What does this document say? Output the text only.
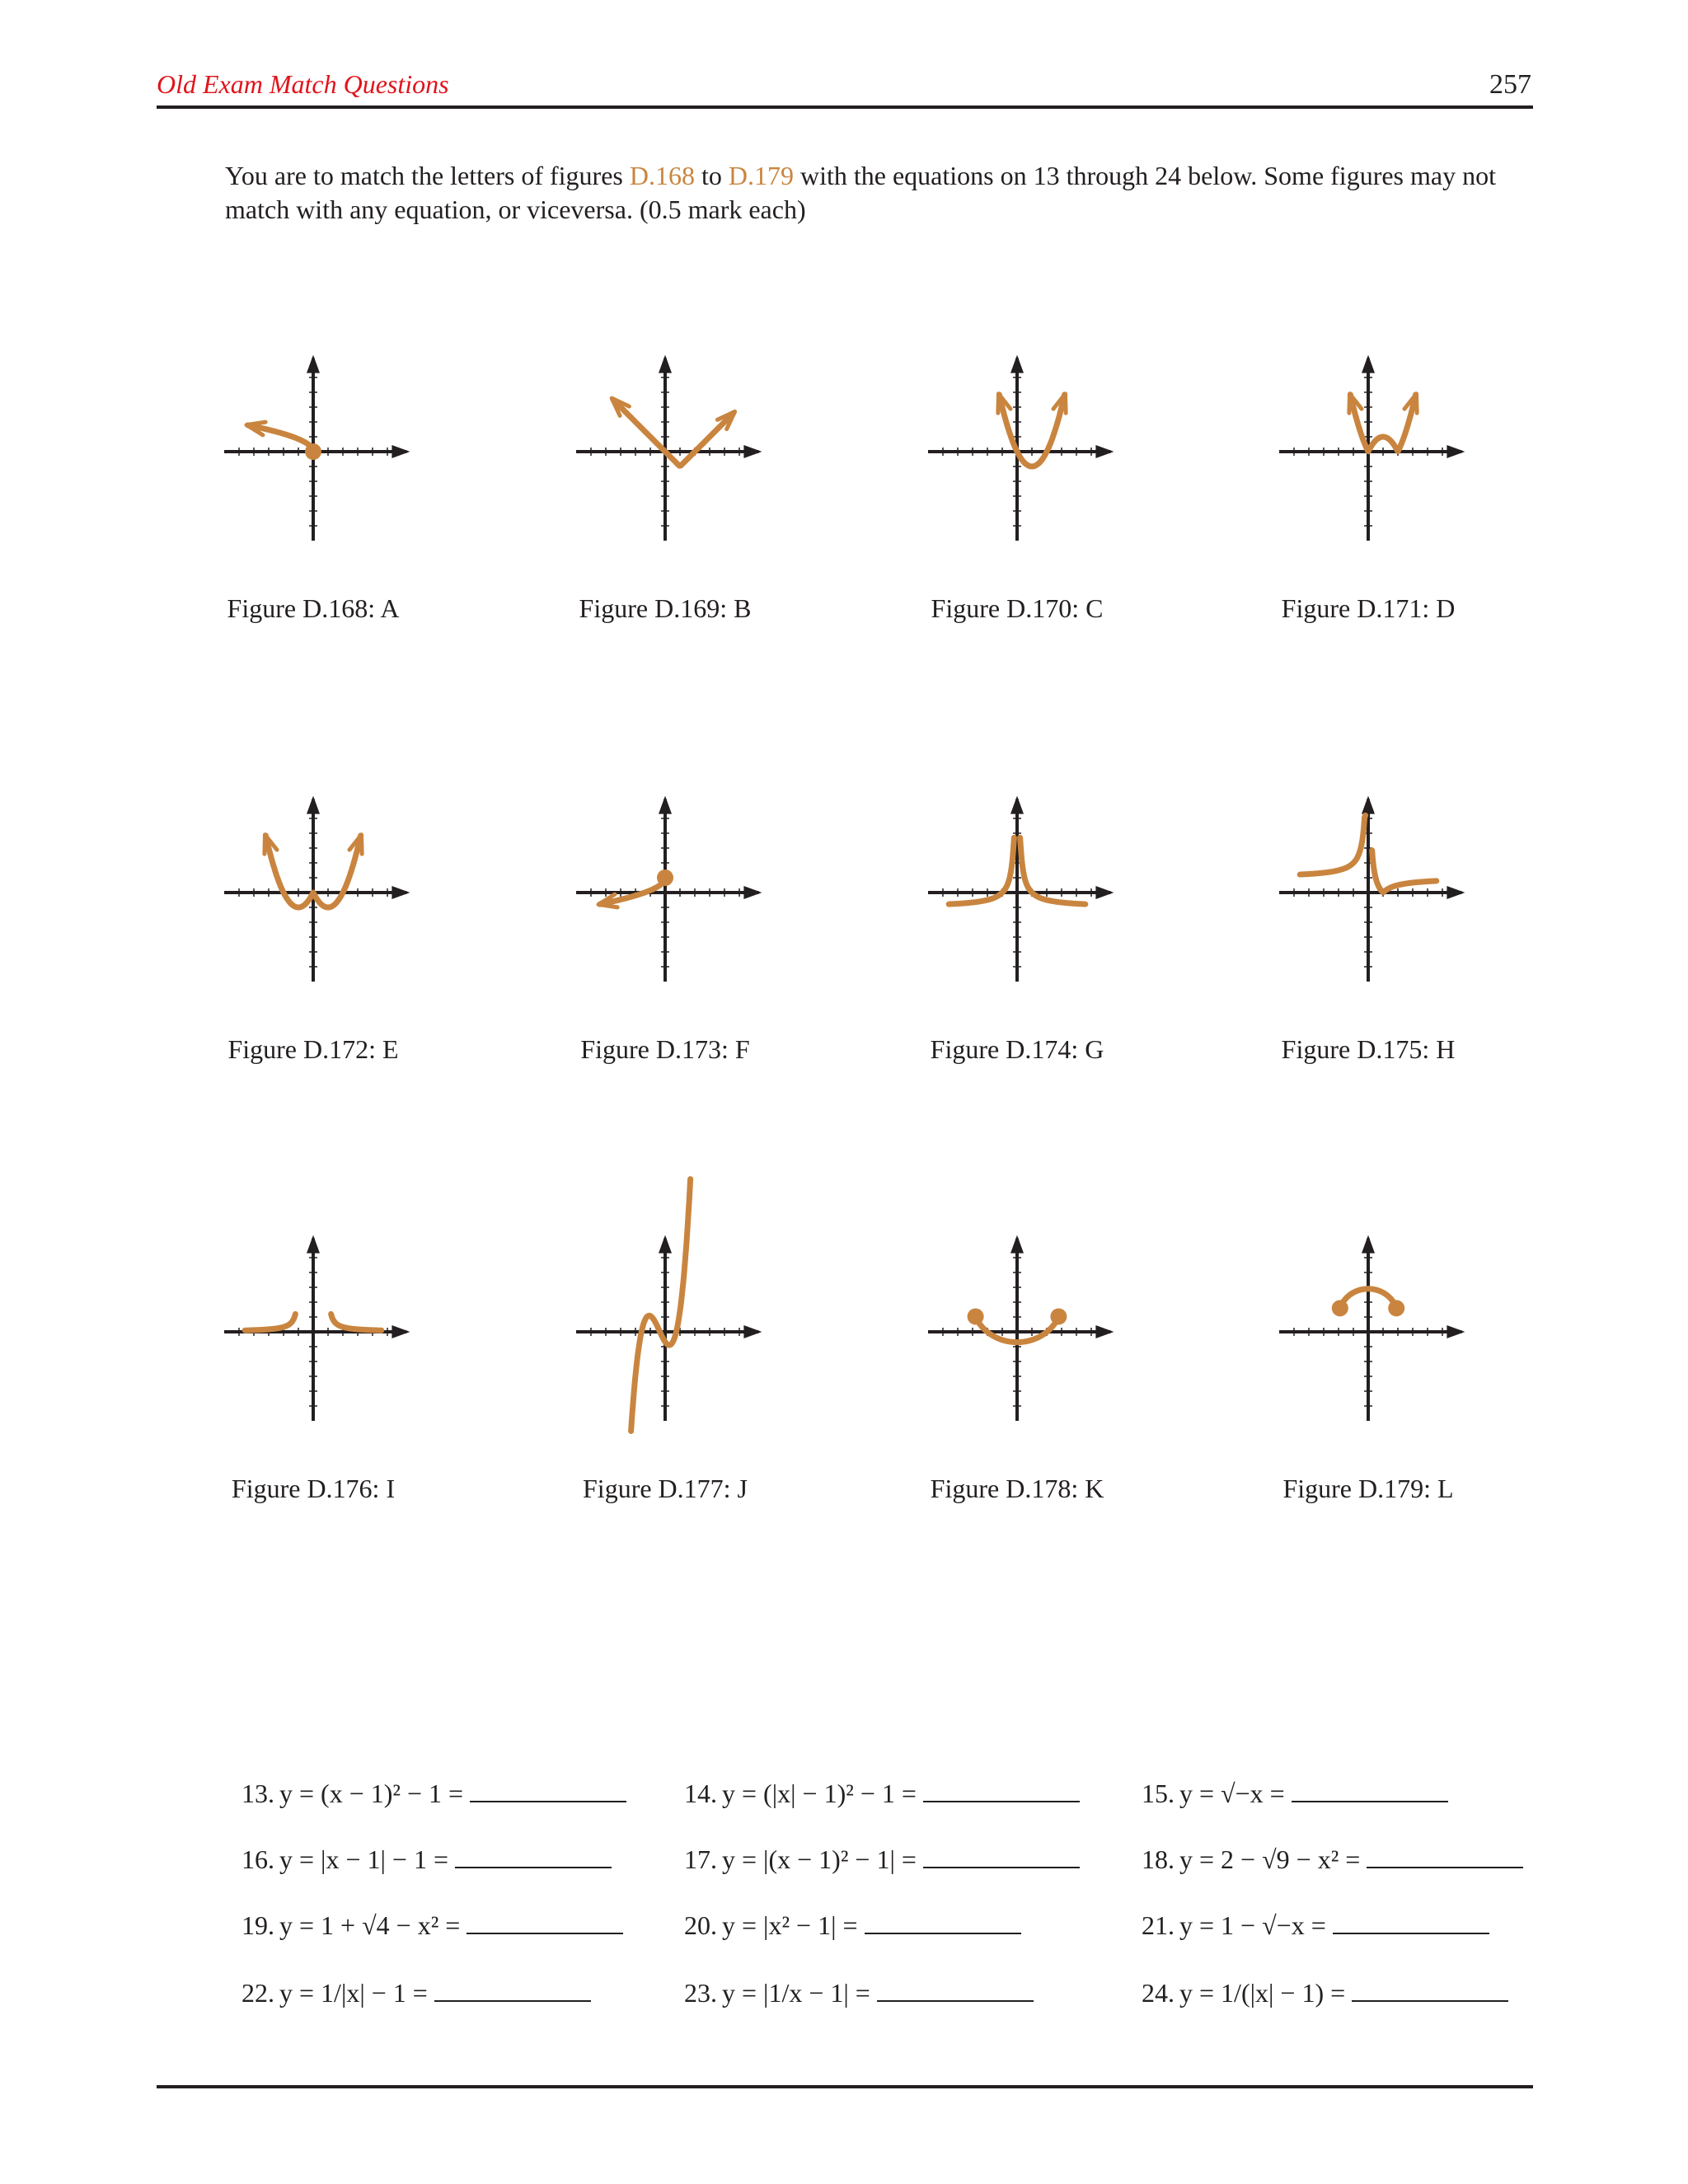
Old Exam Match Questions	257
You are to match the letters of figures D.168 to D.179 with the equations on 13 through 24 below. Some figures may not match with any equation, or viceversa. (0.5 mark each)
Figure D.168: A	Figure D.169: B	Figure D.170: C	Figure D.171: D
Figure D.172: E	Figure D.173: F	Figure D.174: G	Figure D.175: H
Figure D.176: I	Figure D.177: J	Figure D.178: K	Figure D.179: L
13. y = (x − 1)² − 1 =	14. y = (|x| − 1)² − 1 =	15. y = √−x =
16. y = |x − 1| − 1 =	17. y = |(x − 1)² − 1| =	18. y = 2 − √9 − x² =
19. y = 1 + √4 − x² =	20. y = |x² − 1| =	21. y = 1 − √−x =
22. y = 1/|x| − 1 =	23. y = |1/x − 1| =	24. y = 1/(|x| − 1) =
